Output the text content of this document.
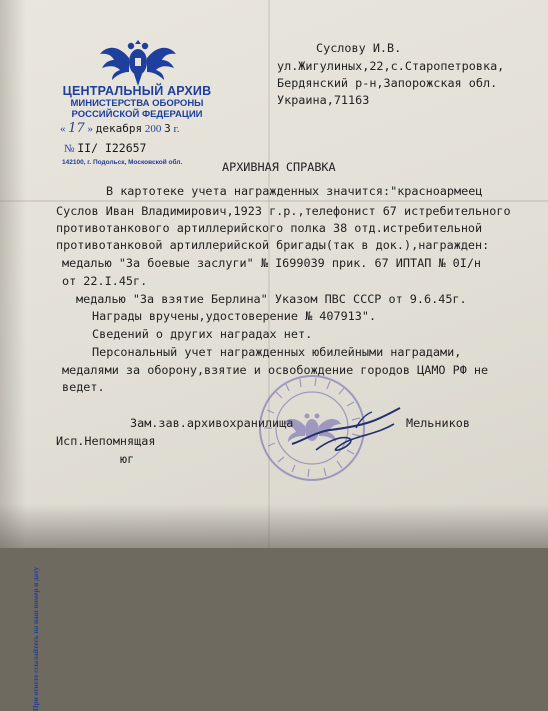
ЦЕНТРАЛЬНЫЙ АРХИВ
МИНИСТЕРСТВА ОБОРОНЫ
РОССИЙСКОЙ ФЕДЕРАЦИИ
« 17 » декабря 200 3 г.
№ II/ I22657
142100, г. Подольск, Московской обл.
При ответе ссылайтесь на наш номер и дату
Суслову И.В.
ул.Жигулиных,22,с.Старопетровка,
Бердянский р-н,Запорожская обл.
Украина,71163
АРХИВНАЯ СПРАВКА
В картотеке учета награжденных значится:"красноармеец
Суслов Иван Владимирович,1923 г.р.,телефонист 67 истребительного
противотанкового артиллерийского полка 38 отд.истребительной
противотанковой артиллерийской бригады(так в док.),награжден:
медалью "За боевые заслуги" № I699039 прик. 67 ИПТАП № 0I/н
от 22.I.45г.
медалью "За взятие Берлина" Указом ПВС СССР от 9.6.45г.
Награды вручены,удостоверение № 407913".
Сведений о других наградах нет.
Персональный учет награжденных юбилейными наградами,
медалями за оборону,взятие и освобождение городов ЦАМО РФ не
ведет.
Зам.зав.архивохранилища	Мельников
Исп.Непомнящая
юг
